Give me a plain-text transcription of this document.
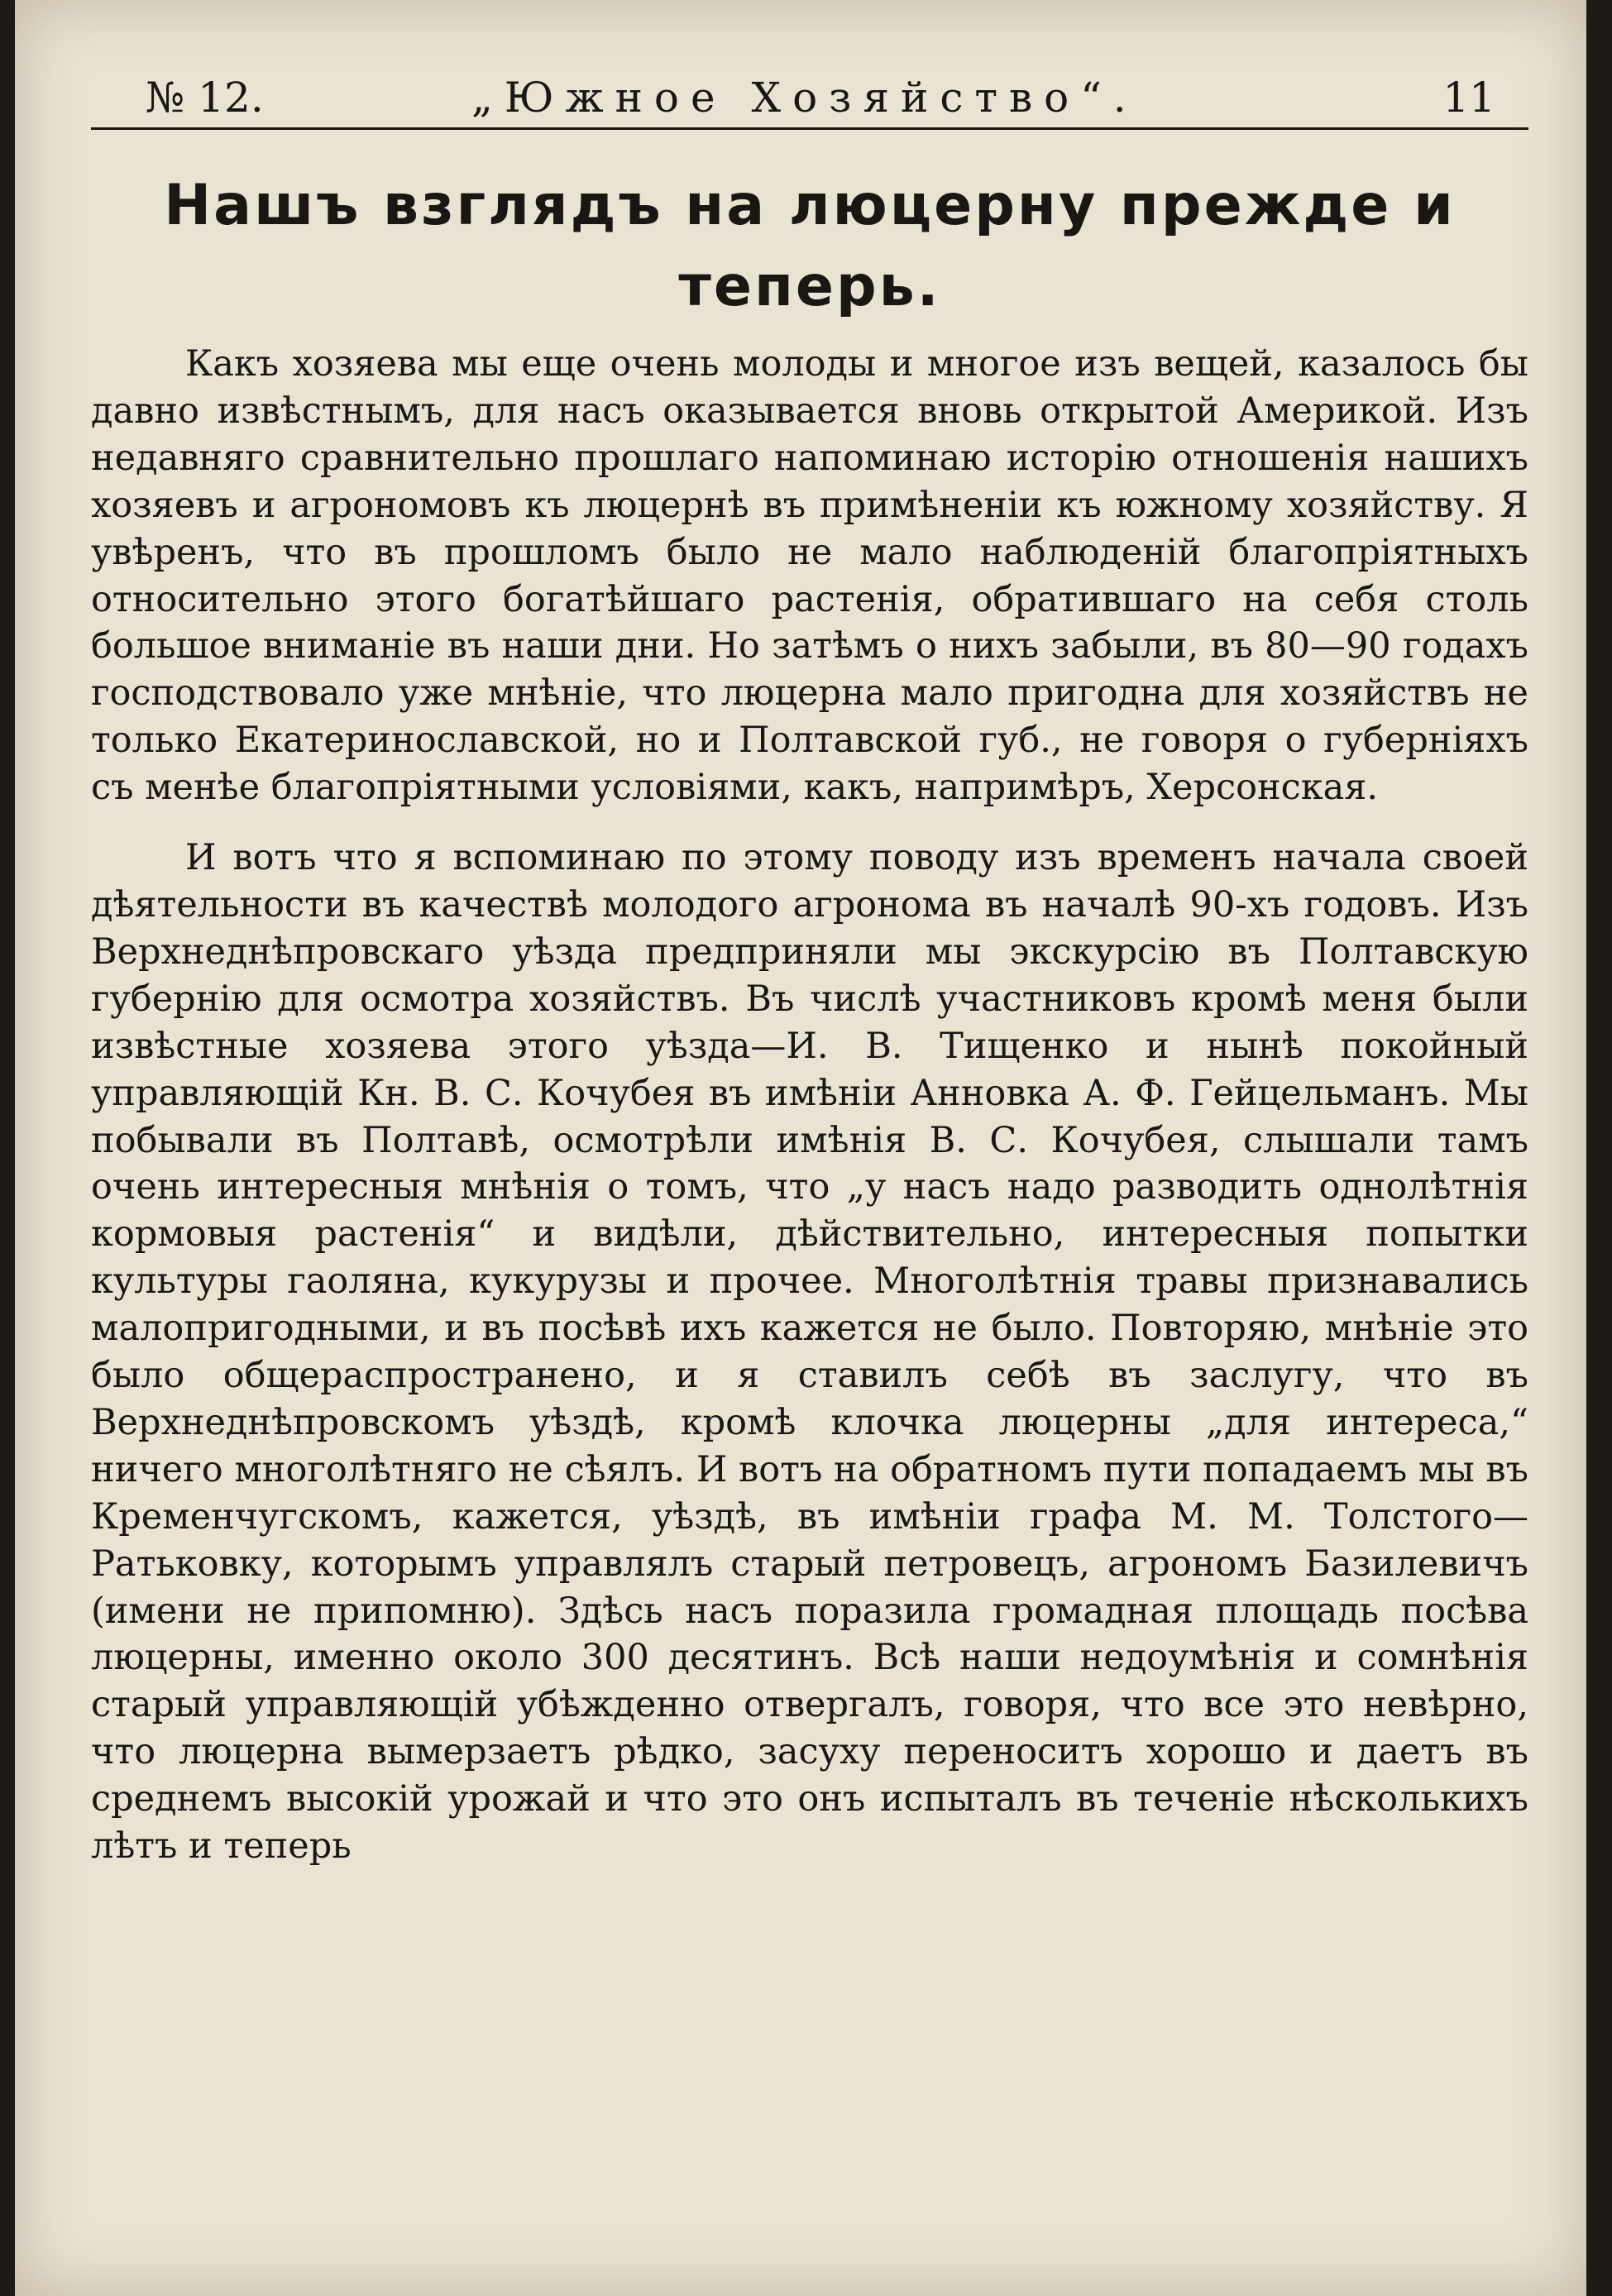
№ 12.	„Южное Хозяйство“.	11
Нашъ взглядъ на люцерну прежде и теперь.

Какъ хозяева мы еще очень молоды и многое изъ вещей, казалось бы давно извѣстнымъ, для насъ оказывается вновь открытой Америкой. Изъ недавняго сравнительно прошлаго напоминаю исторію отношенія нашихъ хозяевъ и агрономовъ къ люцернѣ въ примѣненіи къ южному хозяйству. Я увѣренъ, что въ прошломъ было не мало наблюденій благопріятныхъ относительно этого богатѣйшаго растенія, обратившаго на себя столь большое вниманіе въ наши дни. Но затѣмъ о нихъ забыли, въ 80—90 годахъ господствовало уже мнѣніе, что люцерна мало пригодна для хозяйствъ не только Екатеринославской, но и Полтавской губ., не говоря о губерніяхъ съ менѣе благопріятными условіями, какъ, напримѣръ, Херсонская.

И вотъ что я вспоминаю по этому поводу изъ временъ начала своей дѣятельности въ качествѣ молодого агронома въ началѣ 90-хъ годовъ. Изъ Верхнеднѣпровскаго уѣзда предприняли мы экскурсію въ Полтавскую губернію для осмотра хозяйствъ. Въ числѣ участниковъ кромѣ меня были извѣстные хозяева этого уѣзда—И. В. Тищенко и нынѣ покойный управляющій Кн. В. С. Кочубея въ имѣніи Анновка А. Ф. Гейцельманъ. Мы побывали въ Полтавѣ, осмотрѣли имѣнія В. С. Кочубея, слышали тамъ очень интересныя мнѣнія о томъ, что „у насъ надо разводить однолѣтнія кормовыя растенія“ и видѣли, дѣйствительно, интересныя попытки культуры гаоляна, кукурузы и прочее. Многолѣтнія травы признавались малопригодными, и въ посѣвѣ ихъ кажется не было. Повторяю, мнѣніе это было общераспространено, и я ставилъ себѣ въ заслугу, что въ Верхнеднѣпровскомъ уѣздѣ, кромѣ клочка люцерны „для интереса,“ ничего многолѣтняго не сѣялъ. И вотъ на обратномъ пути попадаемъ мы въ Кременчугскомъ, кажется, уѣздѣ, въ имѣніи графа М. М. Толстого—Ратьковку, которымъ управлялъ старый петровецъ, агрономъ Базилевичъ (имени не припомню). Здѣсь насъ поразила громадная площадь посѣва люцерны, именно около 300 десятинъ. Всѣ наши недоумѣнія и сомнѣнія старый управляющій убѣжденно отвергалъ, говоря, что все это невѣрно, что люцерна вымерзаетъ рѣдко, засуху переноситъ хорошо и даетъ въ среднемъ высокій урожай и что это онъ испыталъ въ теченіе нѣсколькихъ лѣтъ и теперь
